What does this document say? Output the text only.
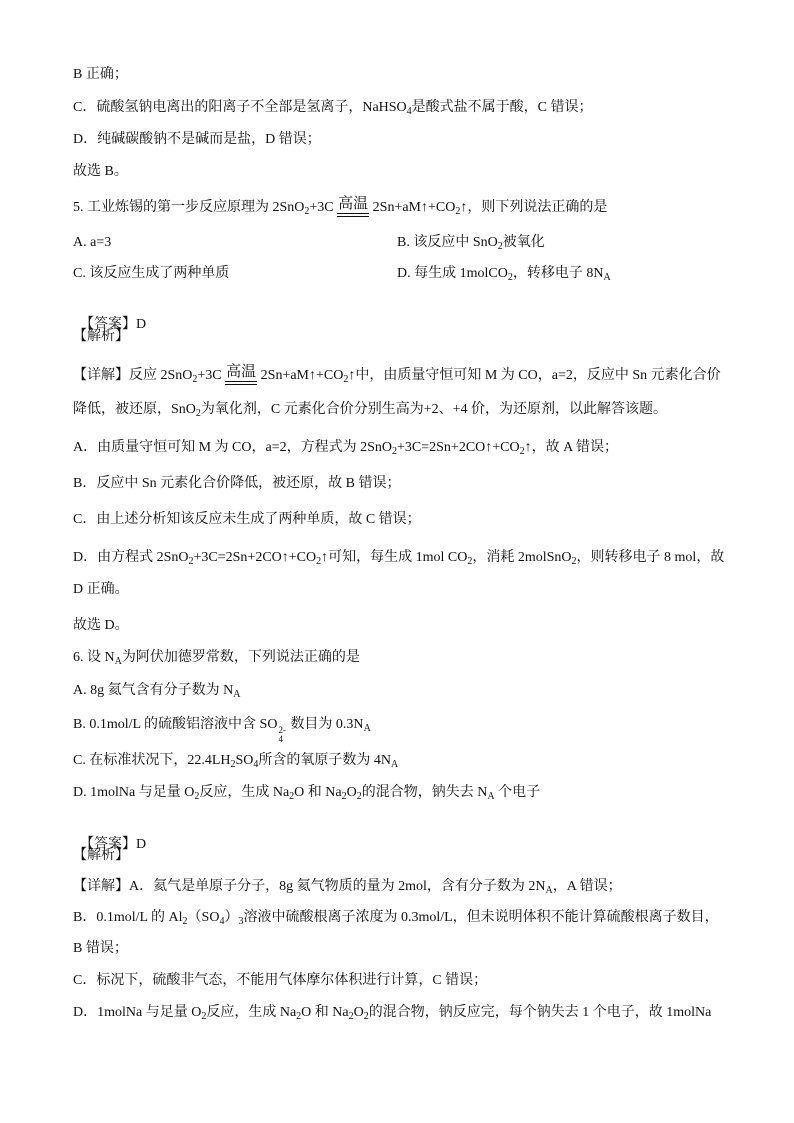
B 正确；
C．硫酸氢钠电离出的阳离子不全部是氢离子，NaHSO$_4$是酸式盐不属于酸，C 错误；
D．纯碱碳酸钠不是碱而是盐，D 错误；
故选 B。
5. 工业炼锡的第一步反应原理为 2SnO$_2$+3C 高温 $2Sn+aM↑+CO_2↑$，则下列说法正确的是
A. a=3	B. 该反应中 SnO$_2$被氧化
C. 该反应生成了两种单质	D. 每生成 1molCO$_2$，转移电子 $8N_A$

【答案】D

【解析】
【详解】反应 2SnO$_2$+3C 高温 $2Sn+aM↑+CO_2↑$中，由质量守恒可知 M 为 CO，a=2，反应中 Sn 元素化合价
降低，被还原，SnO$_2$为氧化剂，C 元素化合价分别生高为+2、+4 价，为还原剂，以此解答该题。
A．由质量守恒可知 M 为 CO，a=2，方程式为 $2SnO_2+3C=2Sn+2CO↑+CO_2↑$，故 A 错误；
B．反应中 Sn 元素化合价降低，被还原，故 B 错误；
C．由上述分析知该反应未生成了两种单质，故 C 错误；
D．由方程式 $2SnO_2+3C=2Sn+2CO↑+CO_2↑$可知，每生成 1mol $CO_2$，消耗 2molSnO$_2$，则转移电子 8 mol，故
D 正确。
故选 D。
6. 设 $N_A$为阿伏加德罗常数，下列说法正确的是
A. 8g 氦气含有分子数为 $N_A$
B. 0.1mol/L 的硫酸铝溶液中含 SO 2-
4
数目为 $0.3N_A$
C. 在标准状况下，$22.4LH_2SO_4$所含的氧原子数为 $4N_A$
D. 1molNa 与足量 $O_2$反应，生成 $Na_2O$ 和 $Na_2O_2$的混合物，钠失去 $N_A$ 个电子

【答案】D

【解析】
【详解】A．氦气是单原子分子，8g 氦气物质的量为 2mol，含有分子数为 $2N_A$，A 错误；
B．0.1mol/L 的 $Al_2(SO_4)_3$溶液中硫酸根离子浓度为 0.3mol/L，但未说明体积不能计算硫酸根离子数目，
B 错误；
C．标况下，硫酸非气态，不能用气体摩尔体积进行计算，C 错误；
D．1molNa 与足量 $O_2$反应，生成 $Na_2O$ 和 $Na_2O_2$的混合物，钠反应完，每个钠失去 1 个电子，故 1molNa
